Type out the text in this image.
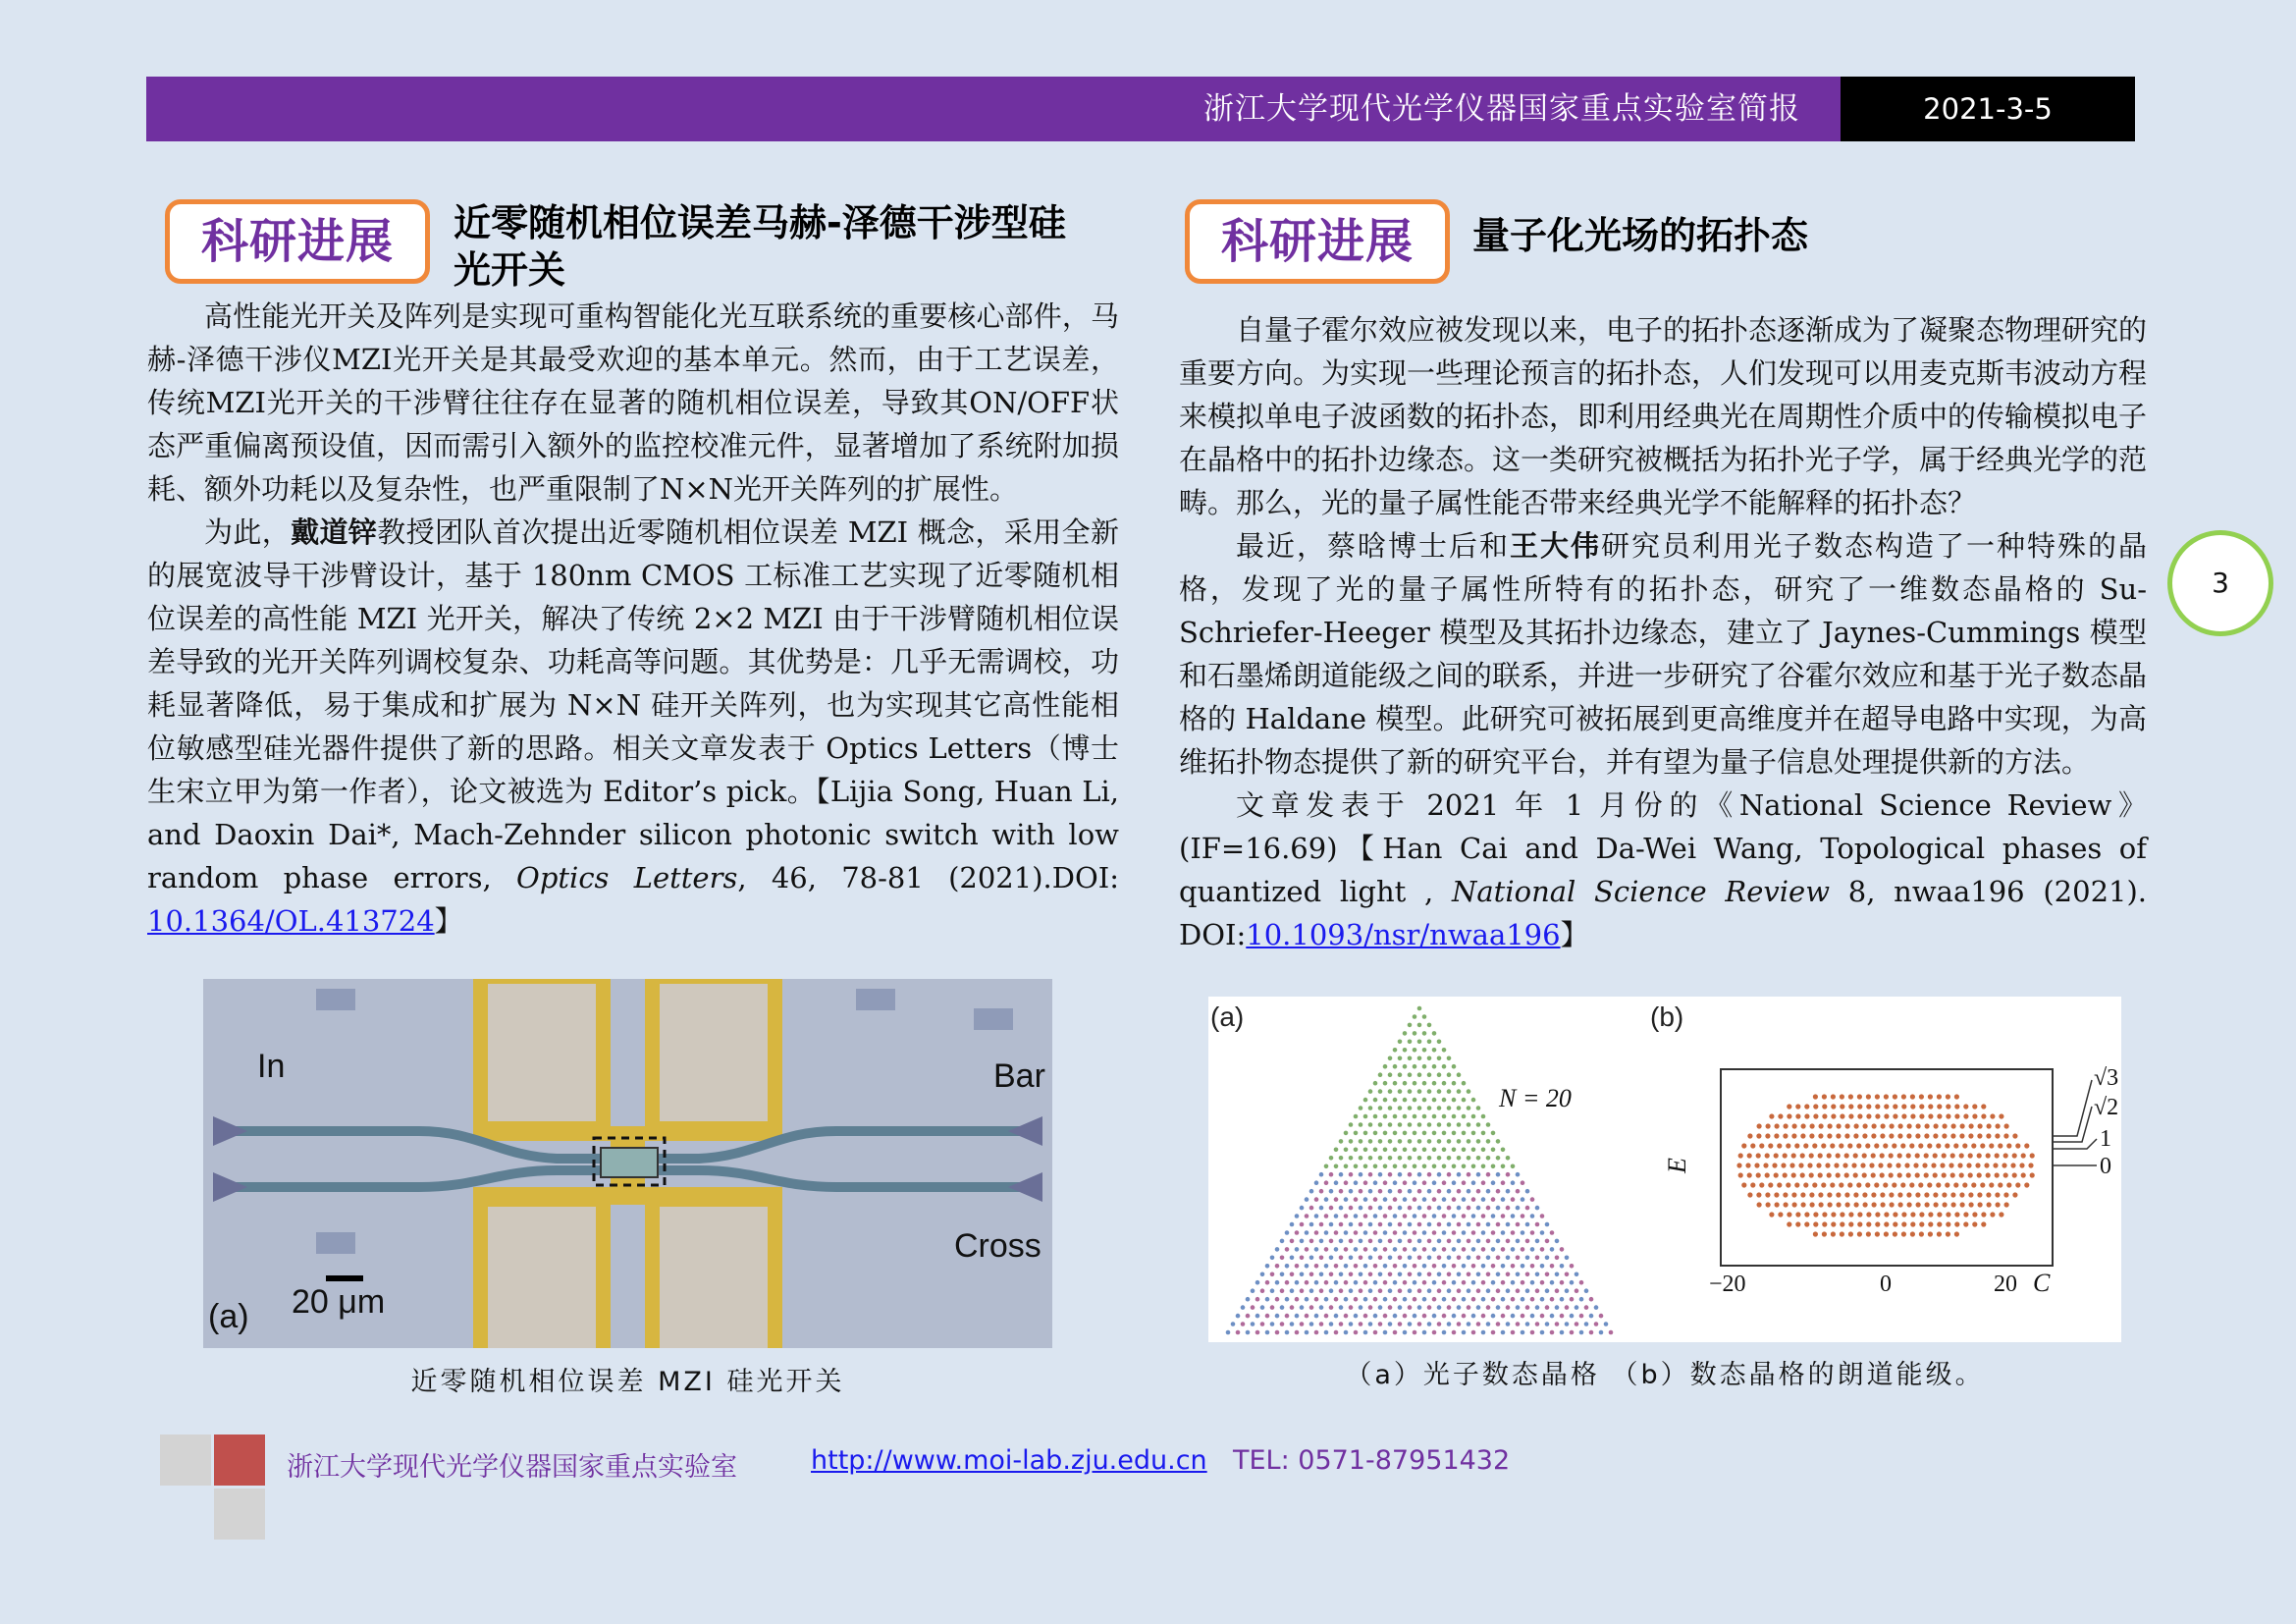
浙江大学现代光学仪器国家重点实验室简报	2021-3-5
3
科研进展	近零随机相位误差马赫-泽德干涉型硅
光开关

高性能光开关及阵列是实现可重构智能化光互联系统的重要核心部件，马赫-泽德干涉仪MZI光开关是其最受欢迎的基本单元。然而，由于工艺误差，传统MZI光开关的干涉臂往往存在显著的随机相位误差，导致其ON/OFF状态严重偏离预设值，因而需引入额外的监控校准元件，显著增加了系统附加损耗、额外功耗以及复杂性，也严重限制了N×N光开关阵列的扩展性。

为此，戴道锌教授团队首次提出近零随机相位误差 MZI 概念，采用全新的展宽波导干涉臂设计，基于 180nm CMOS 工标准工艺实现了近零随机相位误差的高性能 MZI 光开关，解决了传统 2×2 MZI 由于干涉臂随机相位误差导致的光开关阵列调校复杂、功耗高等问题。其优势是：几乎无需调校，功耗显著降低，易于集成和扩展为 N×N 硅开关阵列，也为实现其它高性能相位敏感型硅光器件提供了新的思路。相关文章发表于 Optics Letters（博士生宋立甲为第一作者），论文被选为 Editor’s pick。【Lijia Song, Huan Li, and Daoxin Dai*, Mach-Zehnder silicon photonic switch with low random phase errors, Optics Letters, 46, 78-81 (2021).DOI: 10.1364/OL.413724】

In	Bar
Cross
20 μm
(a)
近零随机相位误差 MZI 硅光开关
科研进展	量子化光场的拓扑态

自量子霍尔效应被发现以来，电子的拓扑态逐渐成为了凝聚态物理研究的重要方向。为实现一些理论预言的拓扑态，人们发现可以用麦克斯韦波动方程来模拟单电子波函数的拓扑态，即利用经典光在周期性介质中的传输模拟电子在晶格中的拓扑边缘态。这一类研究被概括为拓扑光子学，属于经典光学的范畴。那么，光的量子属性能否带来经典光学不能解释的拓扑态？

最近，蔡晗博士后和王大伟研究员利用光子数态构造了一种特殊的晶格，发现了光的量子属性所特有的拓扑态，研究了一维数态晶格的 Su-Schriefer-Heeger 模型及其拓扑边缘态，建立了 Jaynes-Cummings 模型和石墨烯朗道能级之间的联系，并进一步研究了谷霍尔效应和基于光子数态晶格的 Haldane 模型。此研究可被拓展到更高维度并在超导电路中实现，为高维拓扑物态提供了新的研究平台，并有望为量子信息处理提供新的方法。

文章发表于 2021 年 1 月份的《National Science Review》(IF=16.69)【Han Cai and Da-Wei Wang, Topological phases of quantized light , National Science Review 8, nwaa196 (2021). DOI:10.1093/nsr/nwaa196】

(a)	(b)
N = 20
E
−20	0	20 C
√3
√2
1
0
（a）光子数态晶格 （b）数态晶格的朗道能级。
浙江大学现代光学仪器国家重点实验室	http://www.moi-lab.zju.edu.cn TEL: 0571-87951432
